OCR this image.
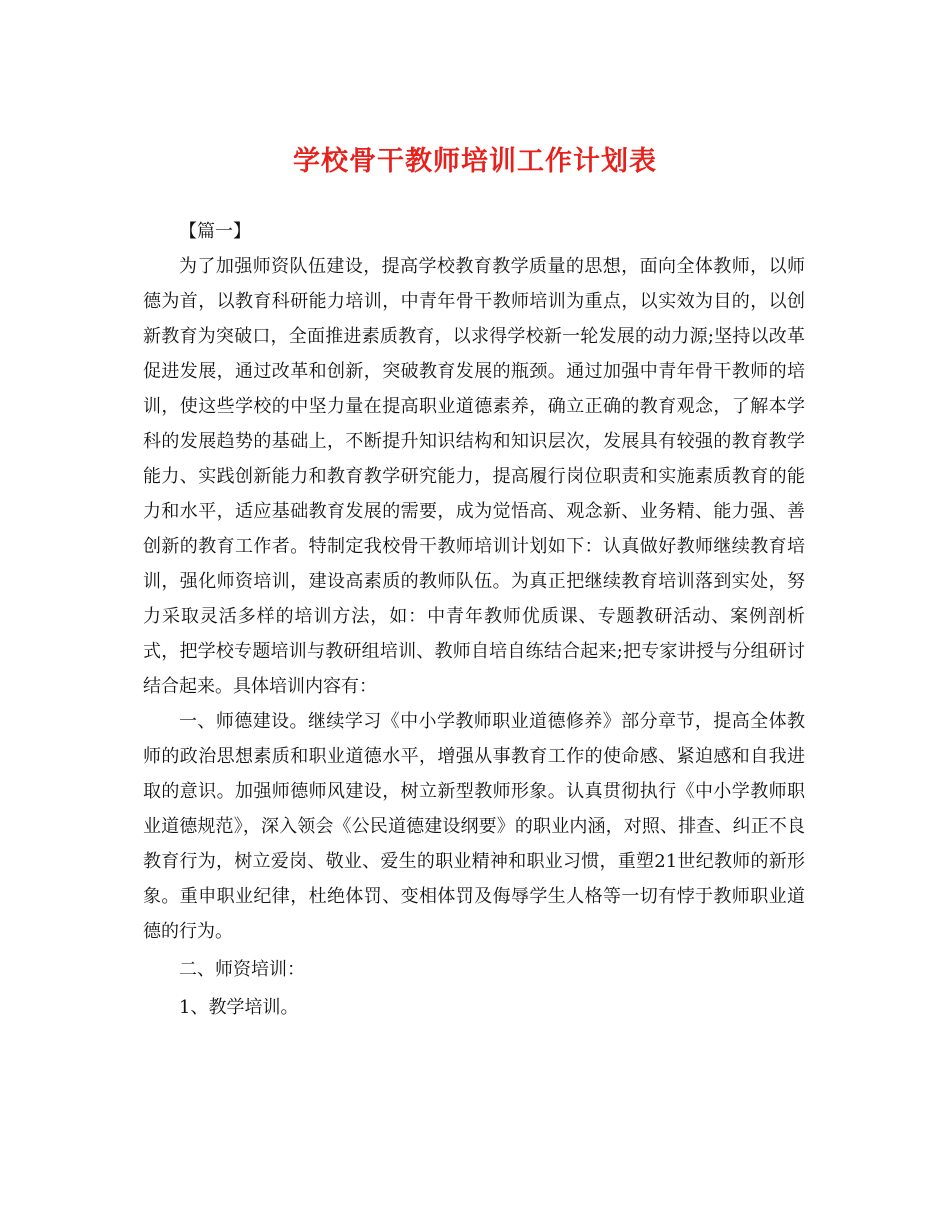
学校骨干教师培训工作计划表

【篇一】

为了加强师资队伍建设，提高学校教育教学质量的思想，面向全体教师，以师德为首，以教育科研能力培训，中青年骨干教师培训为重点，以实效为目的，以创新教育为突破口，全面推进素质教育，以求得学校新一轮发展的动力源;坚持以改革促进发展，通过改革和创新，突破教育发展的瓶颈。通过加强中青年骨干教师的培训，使这些学校的中坚力量在提高职业道德素养，确立正确的教育观念，了解本学科的发展趋势的基础上，不断提升知识结构和知识层次，发展具有较强的教育教学能力、实践创新能力和教育教学研究能力，提高履行岗位职责和实施素质教育的能力和水平，适应基础教育发展的需要，成为觉悟高、观念新、业务精、能力强、善创新的教育工作者。特制定我校骨干教师培训计划如下：认真做好教师继续教育培训，强化师资培训，建设高素质的教师队伍。为真正把继续教育培训落到实处，努力采取灵活多样的培训方法，如：中青年教师优质课、专题教研活动、案例剖析式，把学校专题培训与教研组培训、教师自培自练结合起来;把专家讲授与分组研讨结合起来。具体培训内容有：

一、师德建设。继续学习《中小学教师职业道德修养》部分章节，提高全体教师的政治思想素质和职业道德水平，增强从事教育工作的使命感、紧迫感和自我进取的意识。加强师德师风建设，树立新型教师形象。认真贯彻执行《中小学教师职业道德规范》，深入领会《公民道德建设纲要》的职业内涵，对照、排查、纠正不良教育行为，树立爱岗、敬业、爱生的职业精神和职业习惯，重塑21世纪教师的新形象。重申职业纪律，杜绝体罚、变相体罚及侮辱学生人格等一切有悖于教师职业道德的行为。

二、师资培训：

1、教学培训。
